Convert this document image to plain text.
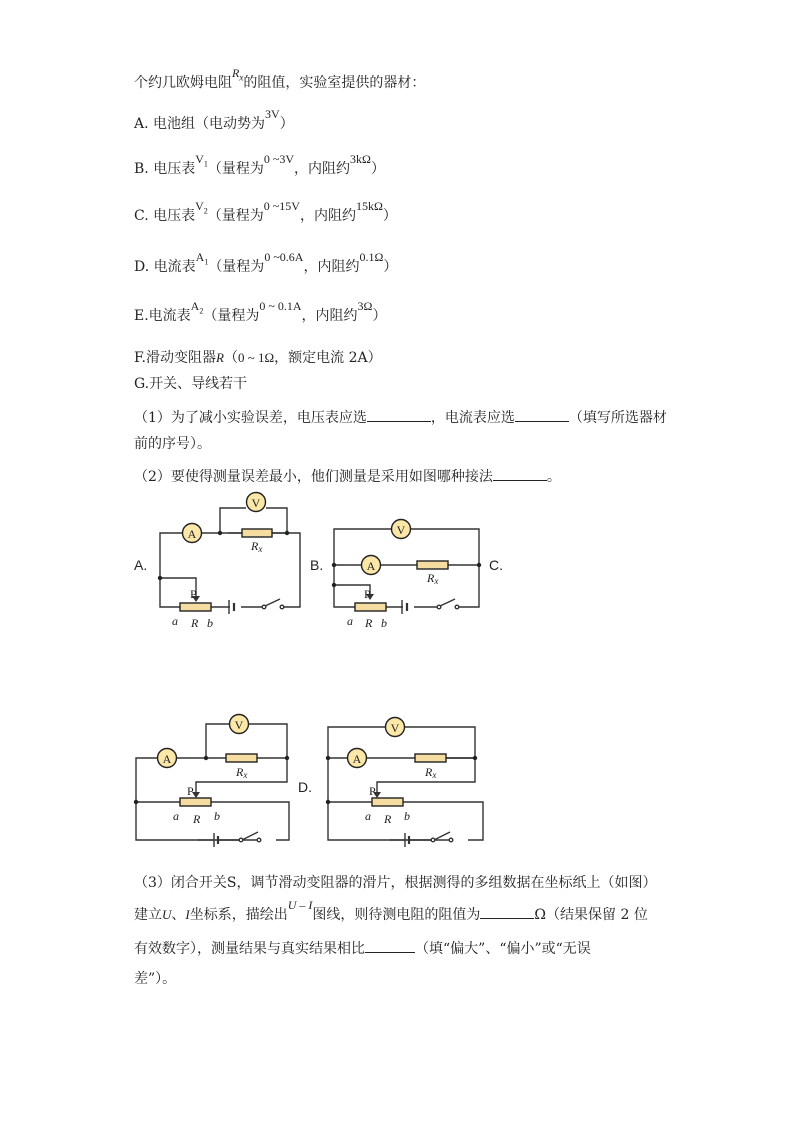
个约几欧姆电阻$R_x$的阻值，实验室提供的器材：
A. 电池组（电动势为3V）
B. 电压表$V_1$（量程为0 ~3V，内阻约3kΩ）
C. 电压表$V_2$（量程为0 ~15V，内阻约15kΩ）
D. 电流表$A_1$（量程为0 ~0.6A，内阻约0.1Ω）
E.电流表$A_2$（量程为0 ~ 0.1A，内阻约3Ω）
F.滑动变阻器R（0 ~ 1Ω，额定电流 2A）
G.开关、导线若干
（1）为了减小实验误差，电压表应选	，电流表应选	（填写所选器材
前的序号）。
（2）要使得测量误差最小，他们测量是采用如图哪种接法	。
A.	B.	C.
D.
A
V
Rx
P
a R b
A
V
Rx
P
a R b
A
V
Rx
P
a R b
A
V
Rx
P
a R b
（3）闭合开关S，调节滑动变阻器的滑片，根据测得的多组数据在坐标纸上（如图）
建立U、I坐标系，描绘出U – I图线，则待测电阻的阻值为	Ω（结果保留 2 位
有效数字），测量结果与真实结果相比	（填“偏大”、“偏小”或“无误
差”）。
